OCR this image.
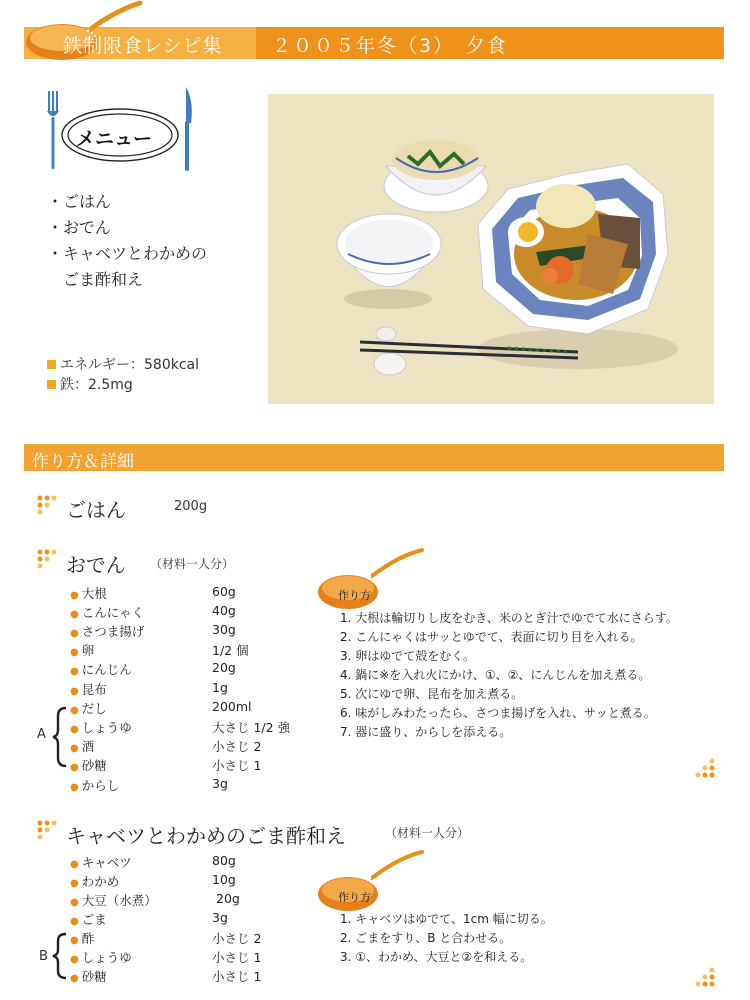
鉄制限食レシピ集	２００５年冬（3）　夕食
メニュー
・ごはん
・おでん
・キャベツとわかめの
　ごま酢和え
エネルギー：580kcal
鉄：2.5mg
作り方＆詳細
ごはん	200g
おでん （材料一人分）
● 大根	60g
● こんにゃく	40g
● さつま揚げ	30g
● 卵	1/2 個
● にんじん	20g
● 昆布	1g
● だし	200ml
● しょうゆ	大さじ 1/2 強
● 酒	小さじ 2
● 砂糖	小さじ 1
● からし	3g
A
作り方
1. 大根は輪切りし皮をむき、米のとぎ汁でゆでて水にさらす。
2. こんにゃくはサッとゆでて、表面に切り目を入れる。
3. 卵はゆでて殻をむく。
4. 鍋に※を入れ火にかけ、①、②、にんじんを加え煮る。
5. 次にゆで卵、昆布を加え煮る。
6. 味がしみわたったら、さつま揚げを入れ、サッと煮る。
7. 器に盛り、からしを添える。
キャベツとわかめのごま酢和え	（材料一人分）
● キャベツ	80g
● わかめ	10g
● 大豆（水煮）	20g
● ごま	3g
● 酢	小さじ 2
● しょうゆ	小さじ 1
● 砂糖	小さじ 1
B
作り方
1. キャベツはゆでて、1cm 幅に切る。
2. ごまをすり、B と合わせる。
3. ①、わかめ、大豆と②を和える。
